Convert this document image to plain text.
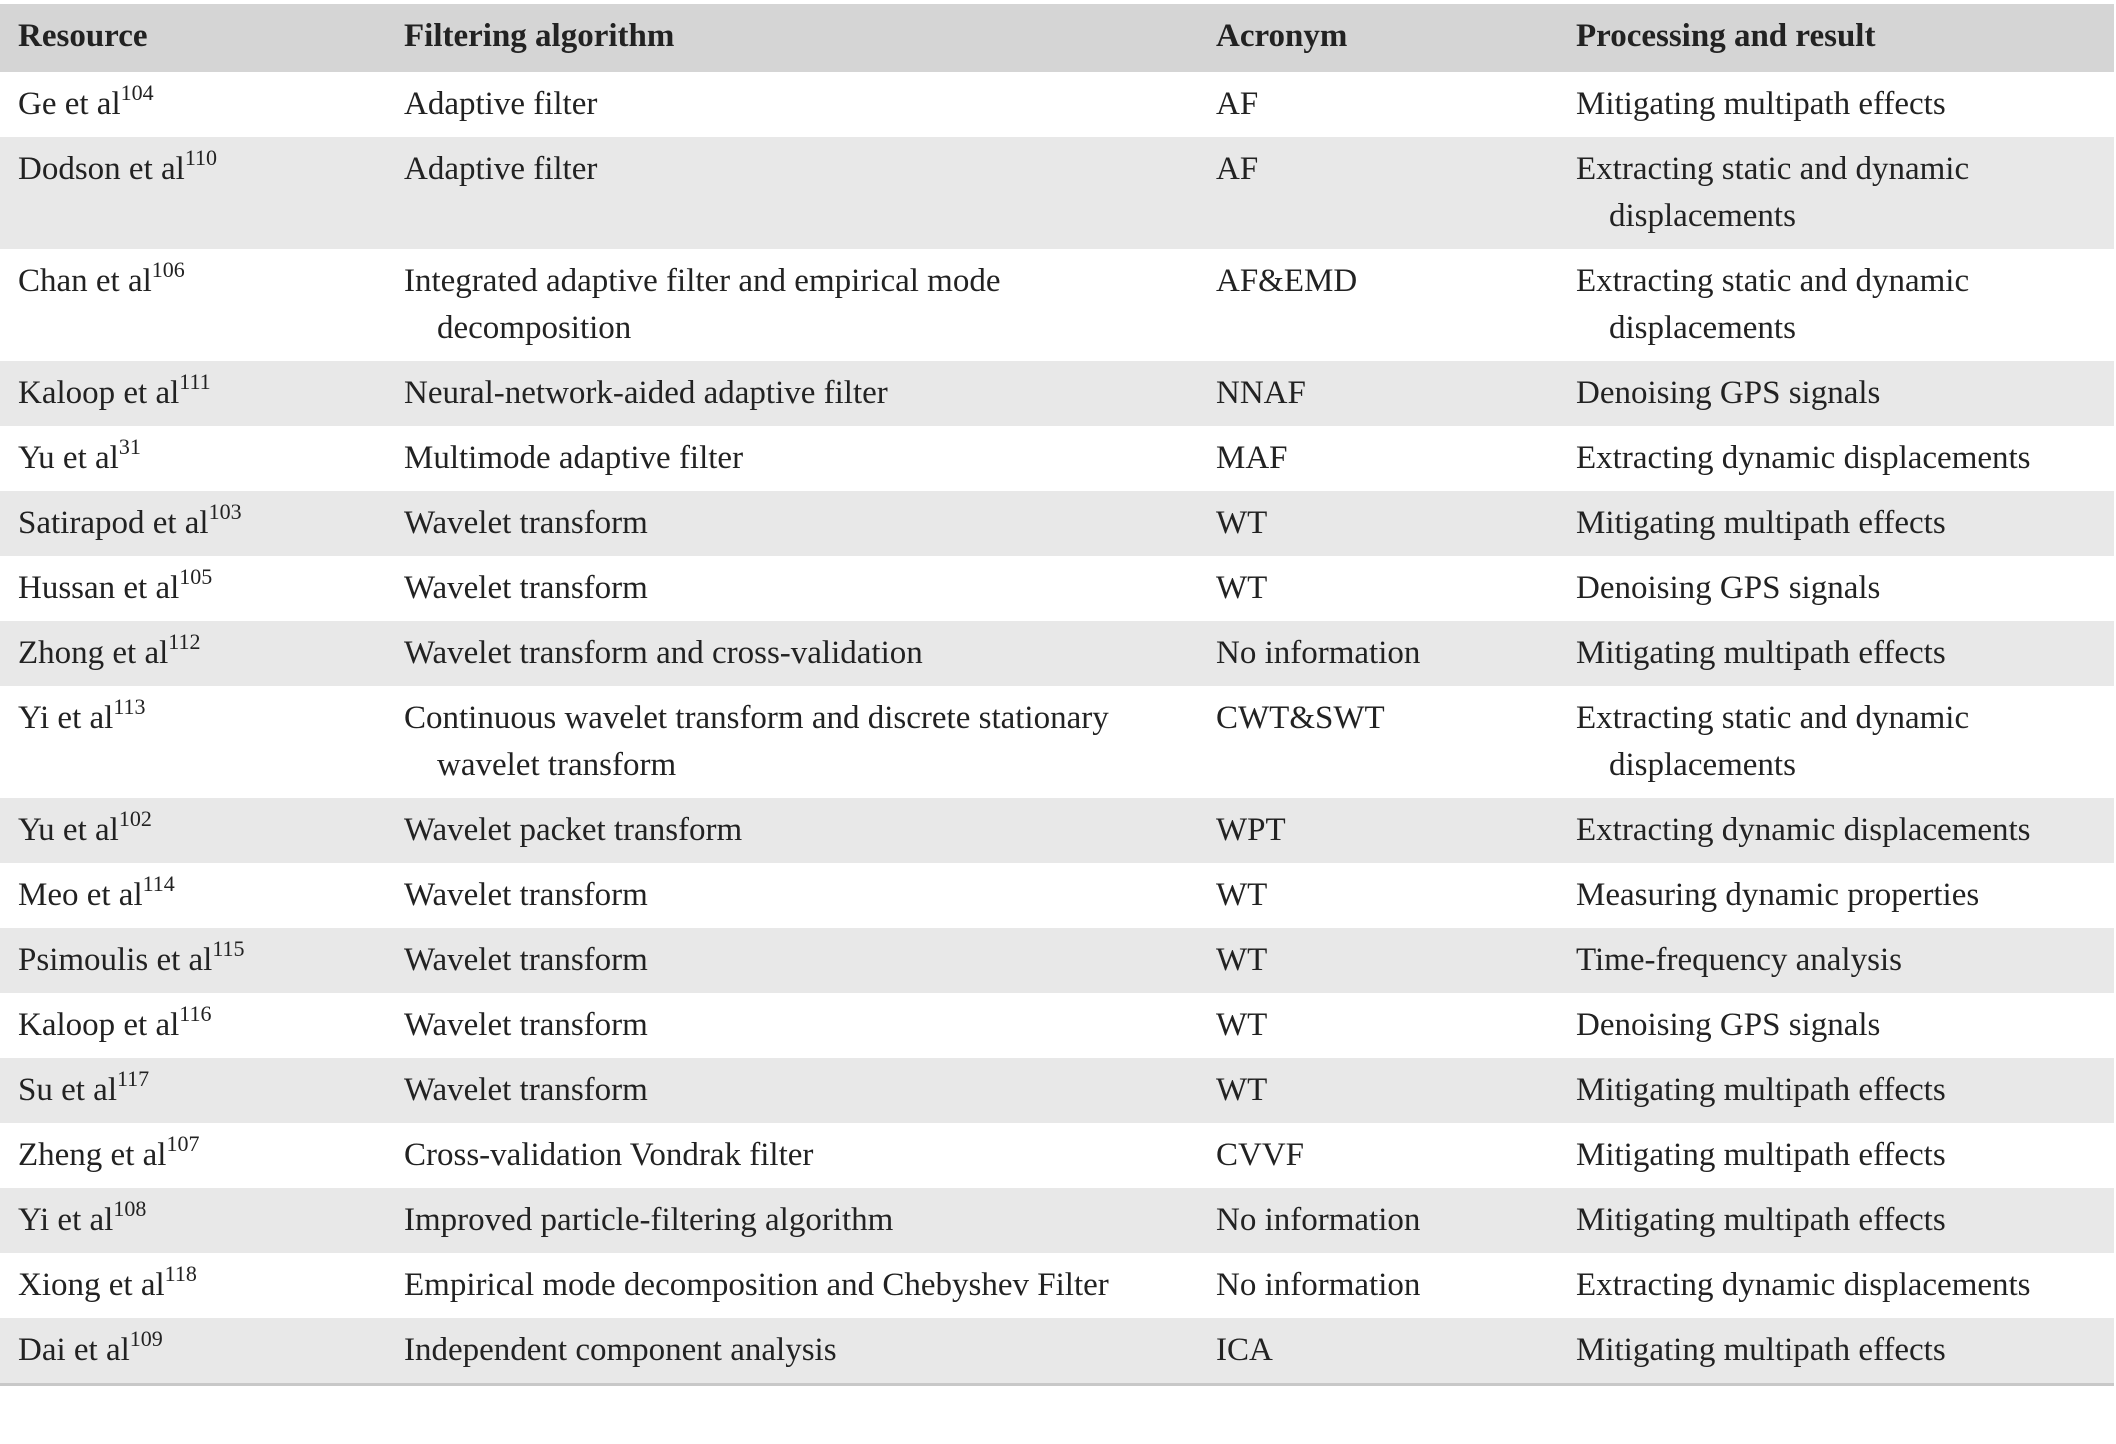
Resource	Filtering algorithm	Acronym	Processing and result
Ge et $al^{104}$	Adaptive filter	AF	Mitigating multipath effects

Dodson et $al^{110}$	Adaptive filter	AF	Extracting static and dynamic displacements

Chan et $al^{106}$	Integrated adaptive filter and empirical mode decomposition	AF&EMD	Extracting static and dynamic displacements

Kaloop et $al^{111}$	Neural-network-aided adaptive filter	NNAF	Denoising GPS signals

Yu et $al^{31}$	Multimode adaptive filter	MAF	Extracting dynamic displacements

Satirapod et $al^{103}$	Wavelet transform	WT	Mitigating multipath effects

Hussan et $al^{105}$	Wavelet transform	WT	Denoising GPS signals

Zhong et $al^{112}$	Wavelet transform and cross-validation	No information	Mitigating multipath effects

Yi et $al^{113}$	Continuous wavelet transform and discrete stationary wavelet transform	CWT&SWT	Extracting static and dynamic displacements

Yu et $al^{102}$	Wavelet packet transform	WPT	Extracting dynamic displacements

Meo et $al^{114}$	Wavelet transform	WT	Measuring dynamic properties

Psimoulis et $al^{115}$	Wavelet transform	WT	Time-frequency analysis

Kaloop et $al^{116}$	Wavelet transform	WT	Denoising GPS signals

Su et $al^{117}$	Wavelet transform	WT	Mitigating multipath effects

Zheng et $al^{107}$	Cross-validation Vondrak filter	CVVF	Mitigating multipath effects

Yi et $al^{108}$	Improved particle-filtering algorithm	No information	Mitigating multipath effects

Xiong et $al^{118}$	Empirical mode decomposition and Chebyshev Filter	No information	Extracting dynamic displacements

Dai et $al^{109}$	Independent component analysis	ICA	Mitigating multipath effects
